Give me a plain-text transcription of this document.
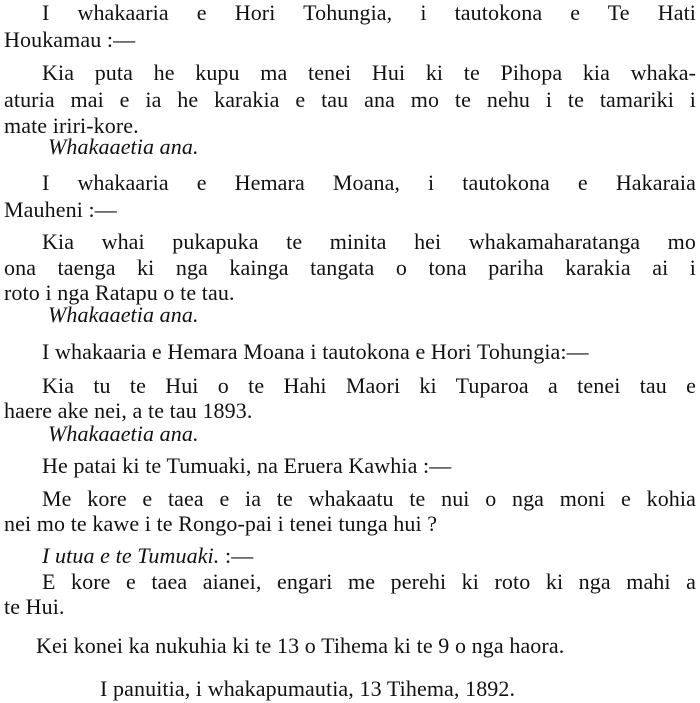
I whakaaria e Hori Tohungia, i tautokona e Te Hati

Houkamau :—

Kia puta he kupu ma tenei Hui ki te Pihopa kia whaka-

aturia mai e ia he karakia e tau ana mo te nehu i te tamariki i

mate iriri-kore.

Whakaaetia ana.

I whakaaria e Hemara Moana, i tautokona e Hakaraia

Mauheni :—

Kia whai pukapuka te minita hei whakamaharatanga mo

ona taenga ki nga kainga tangata o tona pariha karakia ai i

roto i nga Ratapu o te tau.

Whakaaetia ana.

I whakaaria e Hemara Moana i tautokona e Hori Tohungia:—

Kia tu te Hui o te Hahi Maori ki Tuparoa a tenei tau e

haere ake nei, a te tau 1893.

Whakaaetia ana.

He patai ki te Tumuaki, na Eruera Kawhia :—

Me kore e taea e ia te whakaatu te nui o nga moni e kohia

nei mo te kawe i te Rongo-pai i tenei tunga hui ?

I utua e te Tumuaki. :—

E kore e taea aianei, engari me perehi ki roto ki nga mahi a

te Hui.

Kei konei ka nukuhia ki te 13 o Tihema ki te 9 o nga haora.

I panuitia, i whakapumautia, 13 Tihema, 1892.
